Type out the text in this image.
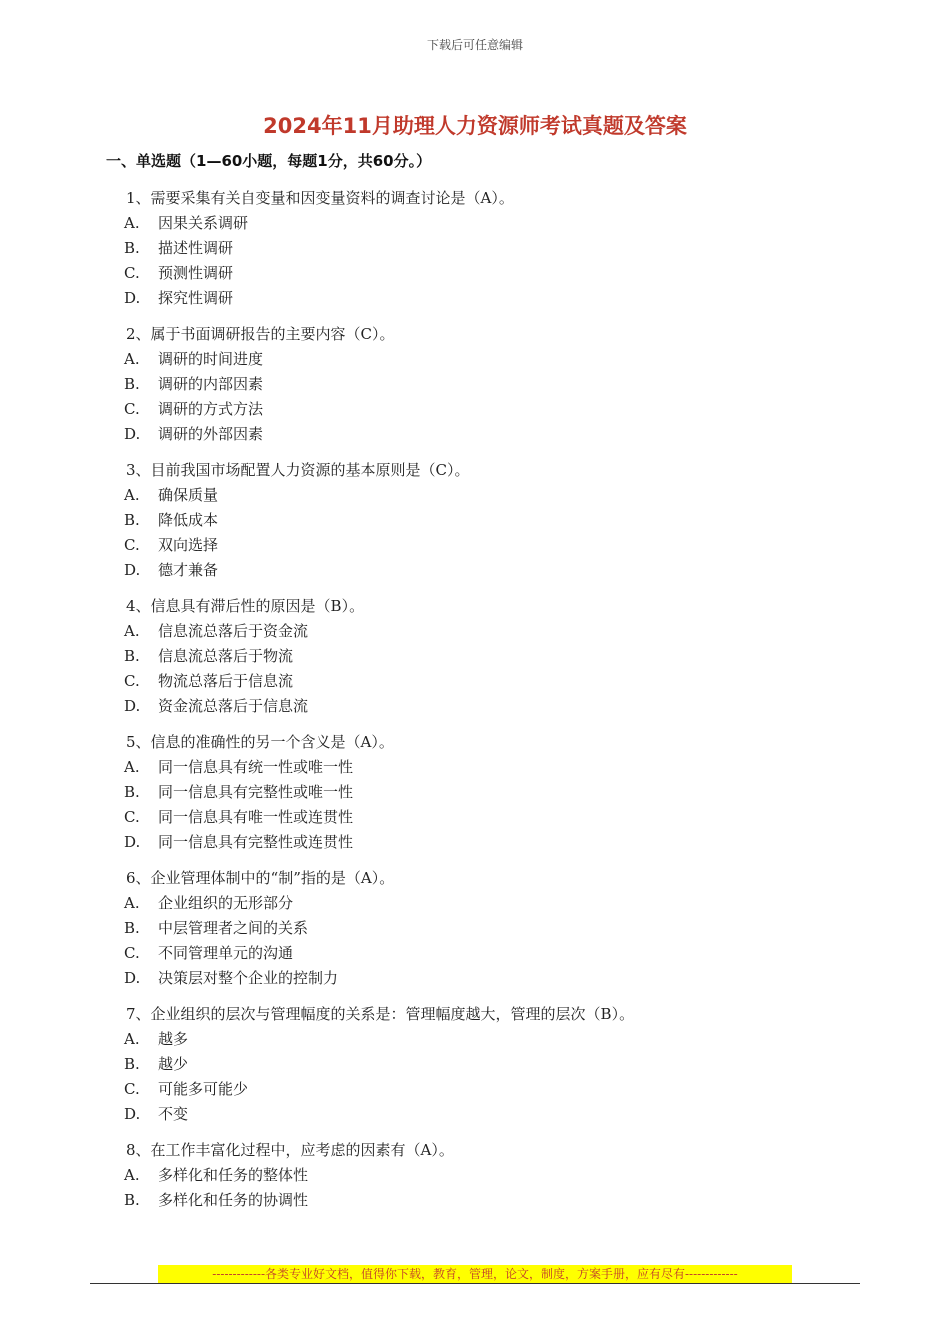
下载后可任意编辑
2024年11月助理人力资源师考试真题及答案
一、单选题（1—60小题，每题1分，共60分。）
1、需要采集有关自变量和因变量资料的调查讨论是（A）。
A. 因果关系调研
B. 描述性调研
C. 预测性调研
D. 探究性调研
2、属于书面调研报告的主要内容（C）。
A. 调研的时间进度
B. 调研的内部因素
C. 调研的方式方法
D. 调研的外部因素
3、目前我国市场配置人力资源的基本原则是（C）。
A. 确保质量
B. 降低成本
C. 双向选择
D. 德才兼备
4、信息具有滞后性的原因是（B）。
A. 信息流总落后于资金流
B. 信息流总落后于物流
C. 物流总落后于信息流
D. 资金流总落后于信息流
5、信息的准确性的另一个含义是（A）。
A. 同一信息具有统一性或唯一性
B. 同一信息具有完整性或唯一性
C. 同一信息具有唯一性或连贯性
D. 同一信息具有完整性或连贯性
6、企业管理体制中的“制”指的是（A）。
A. 企业组织的无形部分
B. 中层管理者之间的关系
C. 不同管理单元的沟通
D. 决策层对整个企业的控制力
7、企业组织的层次与管理幅度的关系是：管理幅度越大，管理的层次（B）。
A. 越多
B. 越少
C. 可能多可能少
D. 不变
8、在工作丰富化过程中，应考虑的因素有（A）。
A. 多样化和任务的整体性
B. 多样化和任务的协调性
-------------各类专业好文档，值得你下载，教育，管理，论文，制度，方案手册，应有尽有-------------
